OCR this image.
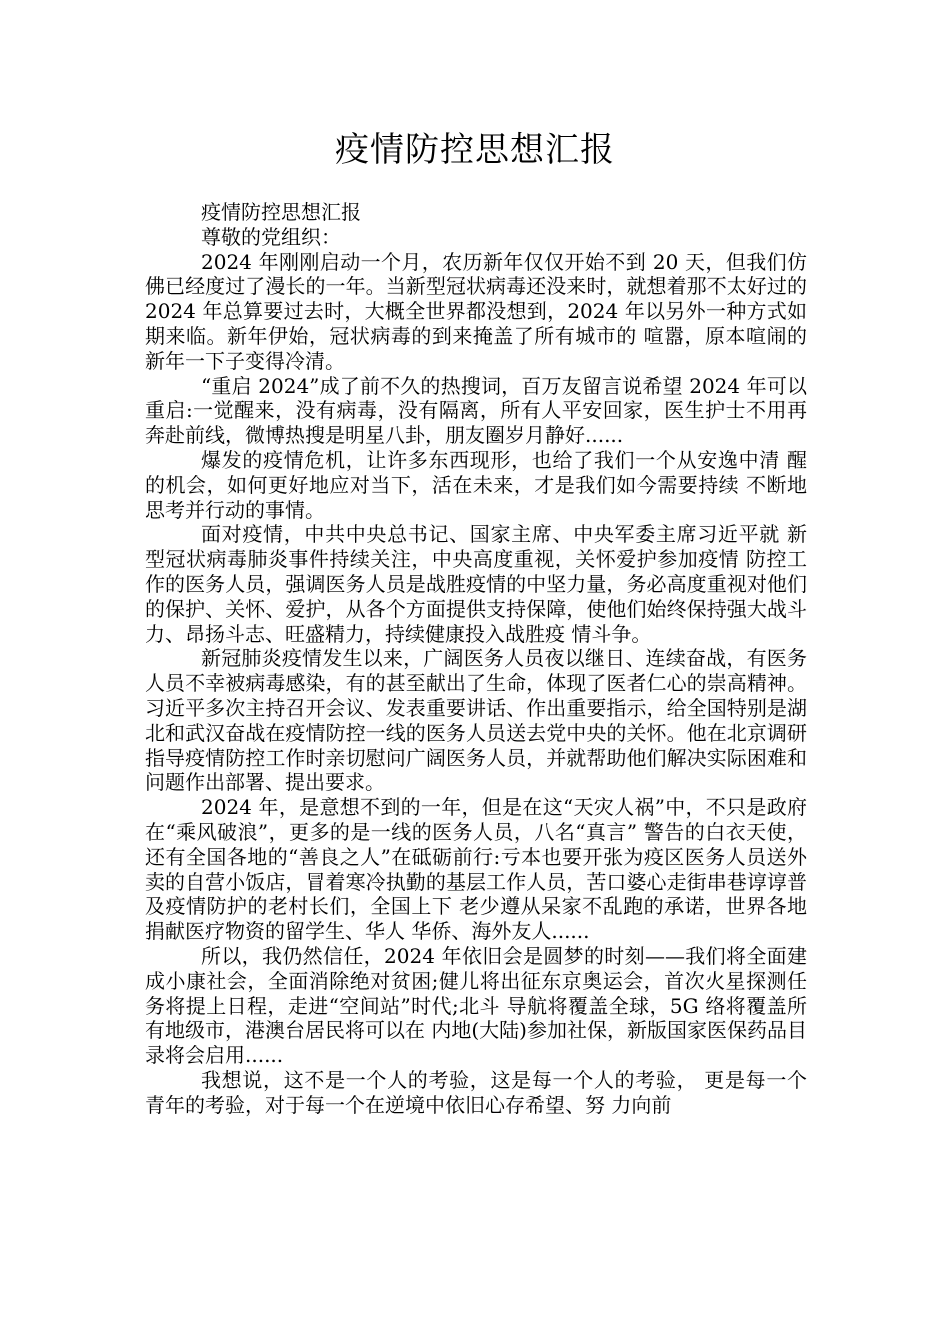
疫情防控思想汇报

疫情防控思想汇报

尊敬的党组织：

2024 年刚刚启动一个月，农历新年仅仅开始不到 20 天，但我们仿佛已经度过了漫长的一年。当新型冠状病毒还没来时，就想着那不太好过的 2024 年总算要过去时，大概全世界都没想到，2024 年以另外一种方式如期来临。新年伊始，冠状病毒的到来掩盖了所有城市的 喧嚣，原本喧闹的新年一下子变得冷清。

“重启 2024”成了前不久的热搜词，百万友留言说希望 2024 年可以重启:一觉醒来，没有病毒，没有隔离，所有人平安回家，医生护士不用再奔赴前线，微博热搜是明星八卦，朋友圈岁月静好......

爆发的疫情危机，让许多东西现形，也给了我们一个从安逸中清 醒的机会，如何更好地应对当下，活在未来，才是我们如今需要持续 不断地思考并行动的事情。

面对疫情，中共中央总书记、国家主席、中央军委主席习近平就 新型冠状病毒肺炎事件持续关注，中央高度重视，关怀爱护参加疫情 防控工作的医务人员，强调医务人员是战胜疫情的中坚力量，务必高度重视对他们的保护、关怀、爱护，从各个方面提供支持保障，使他们始终保持强大战斗力、昂扬斗志、旺盛精力，持续健康投入战胜疫 情斗争。

新冠肺炎疫情发生以来，广阔医务人员夜以继日、连续奋战，有医务人员不幸被病毒感染，有的甚至献出了生命，体现了医者仁心的崇高精神。习近平多次主持召开会议、发表重要讲话、作出重要指示，给全国特别是湖北和武汉奋战在疫情防控一线的医务人员送去党中央的关怀。他在北京调研指导疫情防控工作时亲切慰问广阔医务人员，并就帮助他们解决实际困难和问题作出部署、提出要求。

2024 年，是意想不到的一年，但是在这“天灾人祸”中，不只是政府在“乘风破浪”，更多的是一线的医务人员，八名“真言” 警告的白衣天使，还有全国各地的“善良之人”在砥砺前行:亏本也要开张为疫区医务人员送外卖的自营小饭店，冒着寒冷执勤的基层工作人员，苦口婆心走街串巷谆谆普及疫情防护的老村长们，全国上下 老少遵从呆家不乱跑的承诺，世界各地捐献医疗物资的留学生、华人 华侨、海外友人......

所以，我仍然信任，2024 年依旧会是圆梦的时刻——我们将全面建成小康社会，全面消除绝对贫困;健儿将出征东京奥运会，首次火星探测任务将提上日程，走进“空间站”时代;北斗 导航将覆盖全球，5G 络将覆盖所有地级市，港澳台居民将可以在 内地(大陆)参加社保，新版国家医保药品目录将会启用......

我想说，这不是一个人的考验，这是每一个人的考验， 更是每一个青年的考验，对于每一个在逆境中依旧心存希望、努 力向前
